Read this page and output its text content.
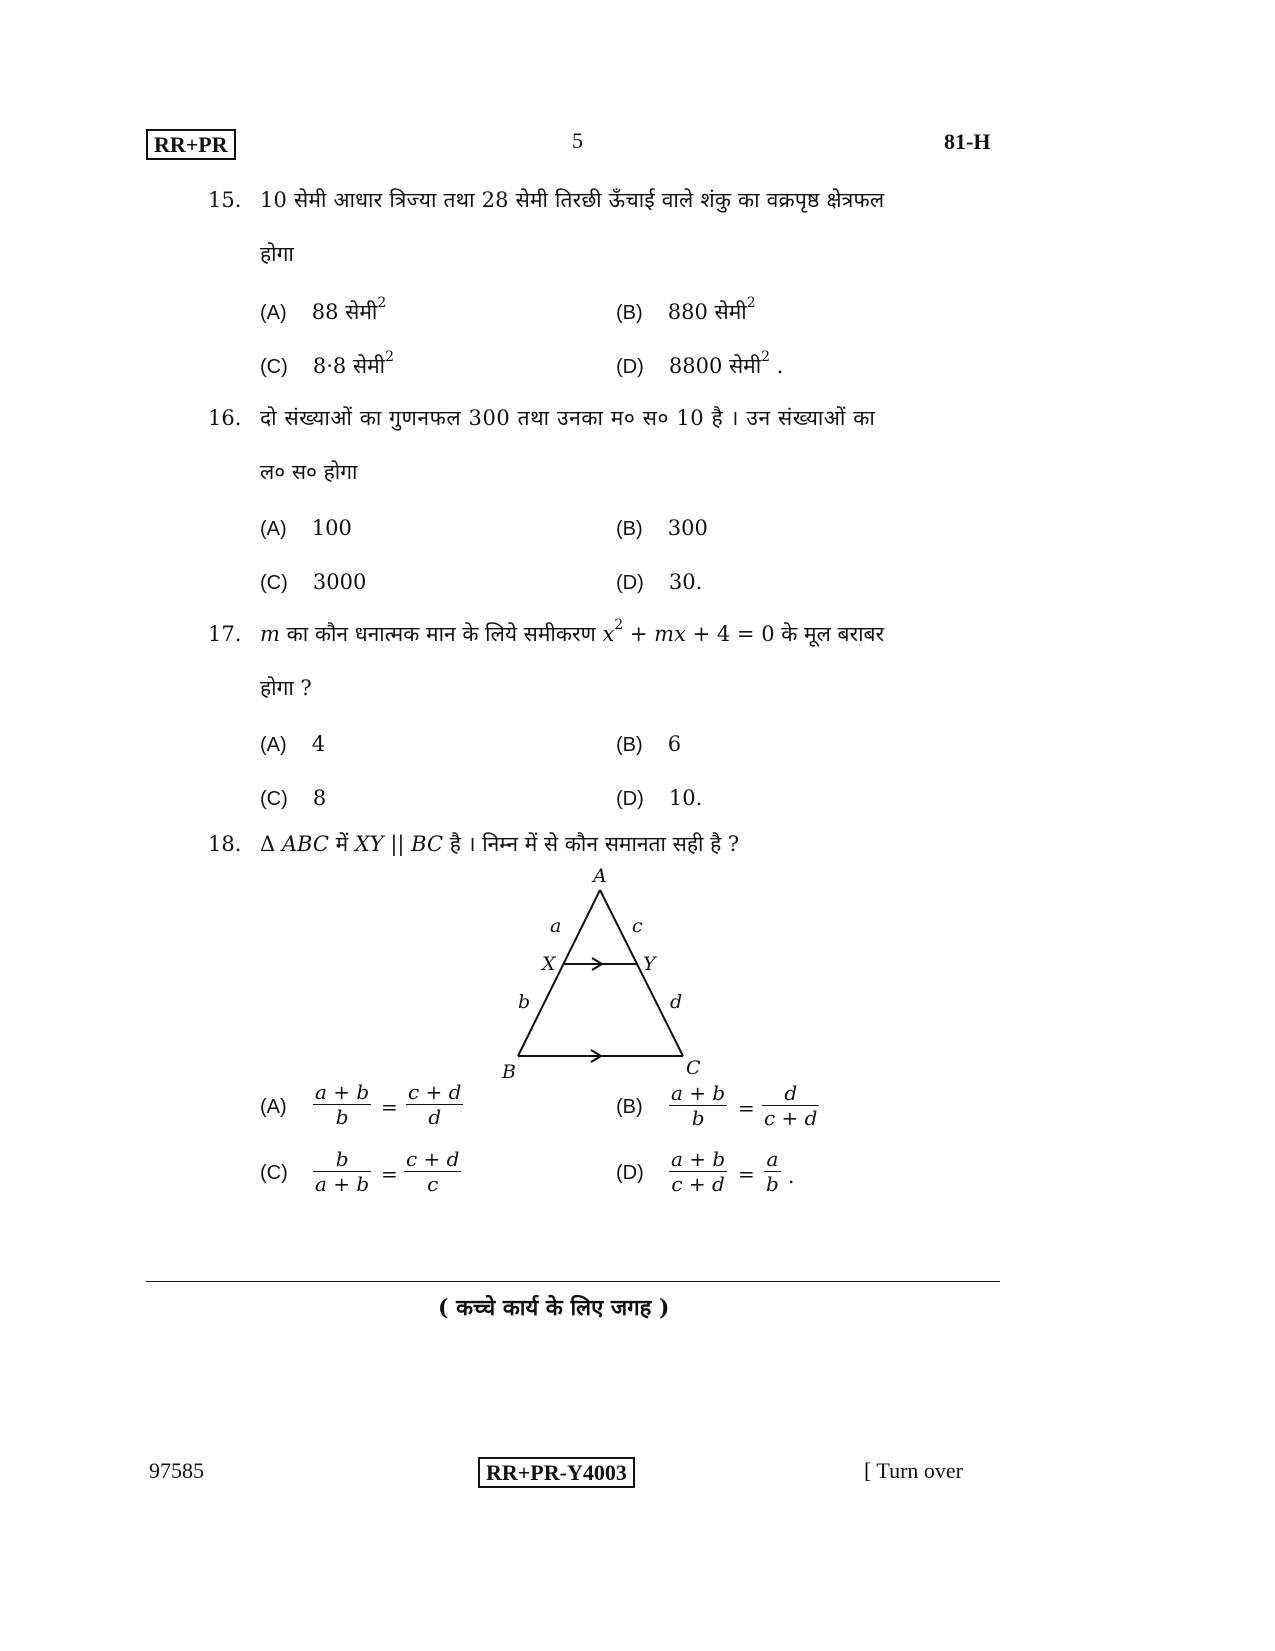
RR+PR	5	81-H
15. 10 सेमी आधार त्रिज्या तथा 28 सेमी तिरछी ऊँचाई वाले शंकु का वक्रपृष्ठ क्षेत्रफल
होगा
(A) 88 सेमी$^2$	(B) 880 सेमी$^2$
(C) 8·8 सेमी$^2$	(D) 8800 सेमी$^2$ .
16. दो संख्याओं का गुणनफल 300 तथा उनका म० स० 10 है । उन संख्याओं का
ल० स० होगा
(A) 100	(B) 300
(C) 3000	(D) 30.
17. m का कौन धनात्मक मान के लिये समीकरण $x^2$ + mx + 4 = 0 के मूल बराबर
होगा ?
(A) 4	(B) 6
(C) 8	(D) 10.
18. Δ ABC में XY || BC है । निम्न में से कौन समानता सही है ?
A
B	C
X	Y
a
b
c
d
$(A) \frac{a + b}{b} = \frac{c + d}{d}$	$(B) \frac{a + b}{b} = \frac{d}{c + d}$
$(C) \frac{b}{a + b} = \frac{c + d}{c}$	$(D) \frac{a + b}{c + d} = \frac{a}{b}$ .
( कच्चे कार्य के लिए जगह )
97585	RR+PR-Y4003	[ Turn over
